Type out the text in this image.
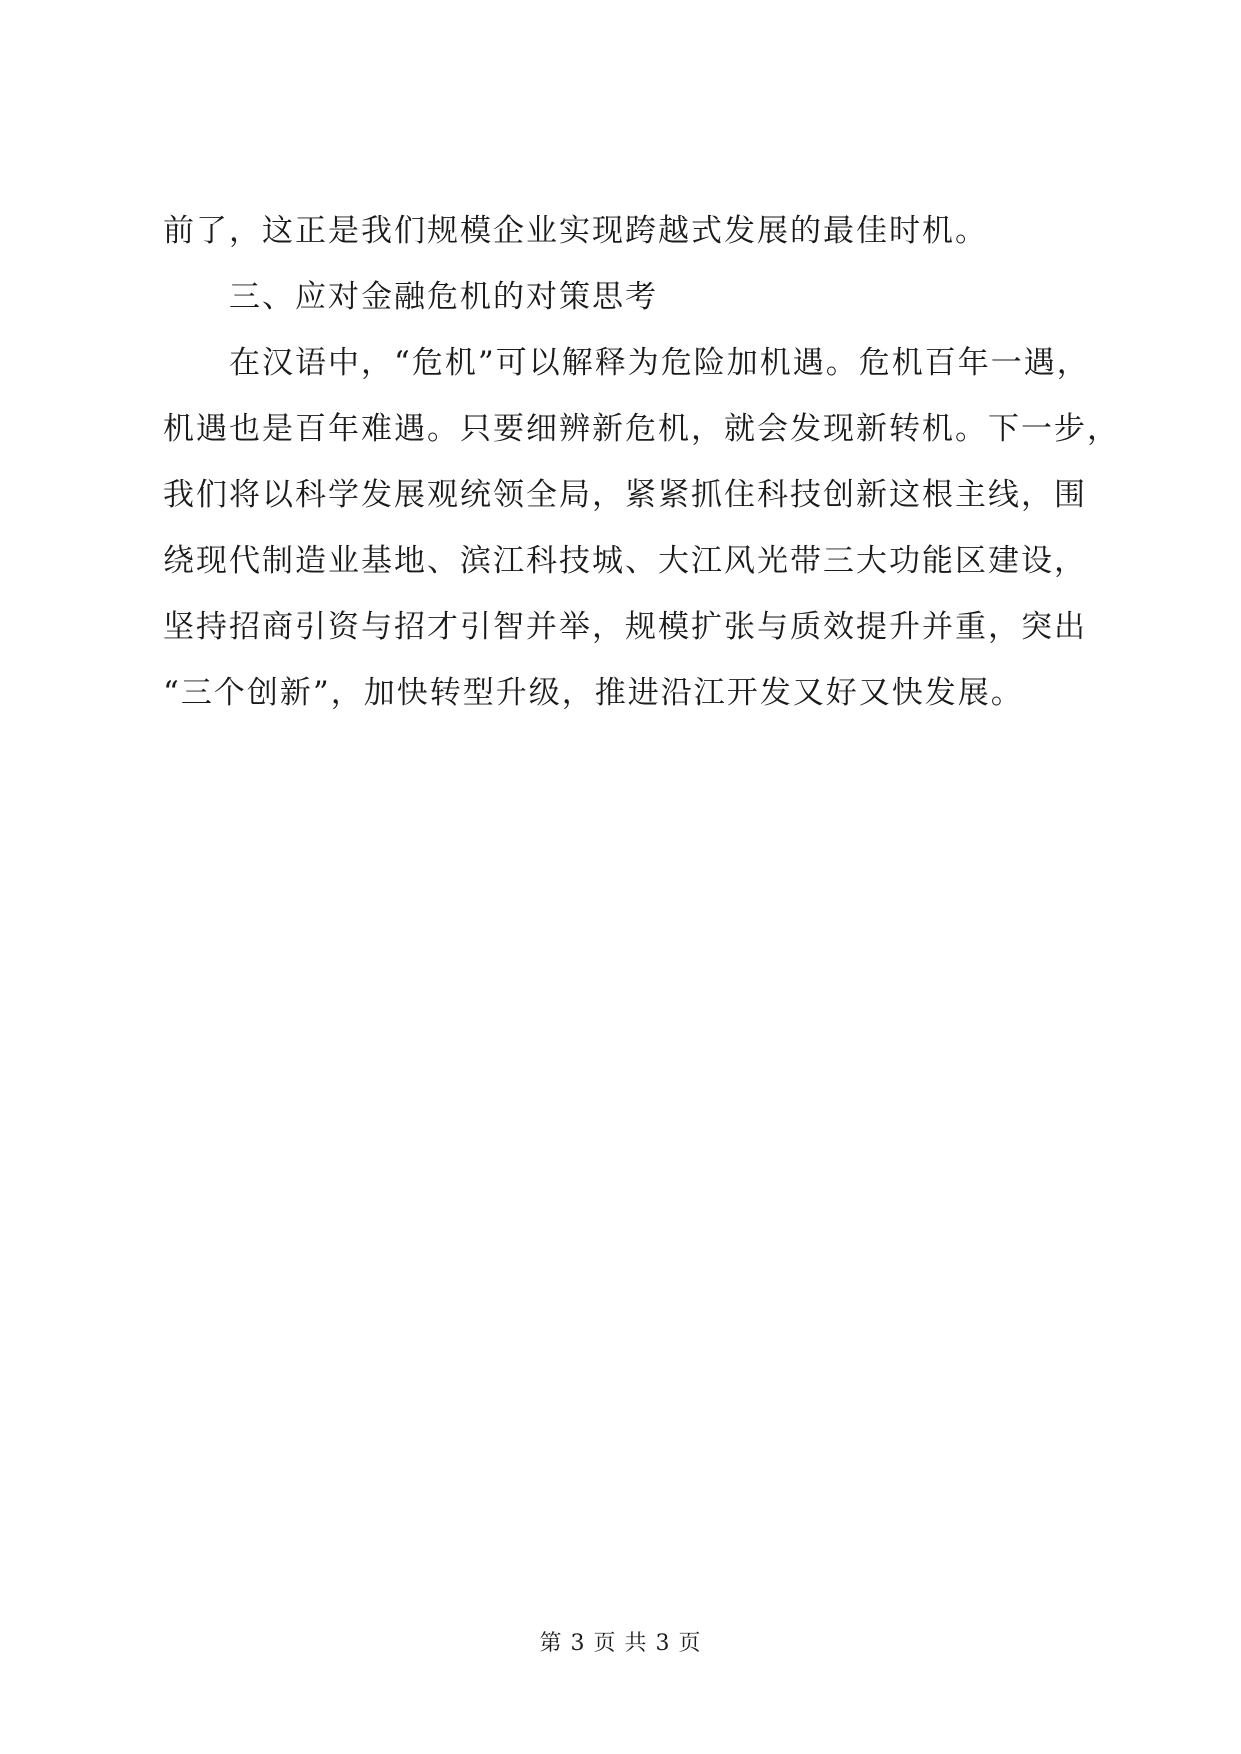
前了，这正是我们规模企业实现跨越式发展的最佳时机。
三、应对金融危机的对策思考
在汉语中，“危机”可以解释为危险加机遇。危机百年一遇，
机遇也是百年难遇。只要细辨新危机，就会发现新转机。下一步，
我们将以科学发展观统领全局，紧紧抓住科技创新这根主线，围
绕现代制造业基地、滨江科技城、大江风光带三大功能区建设，
坚持招商引资与招才引智并举，规模扩张与质效提升并重，突出
“三个创新”，加快转型升级，推进沿江开发又好又快发展。
第 3 页 共 3 页
